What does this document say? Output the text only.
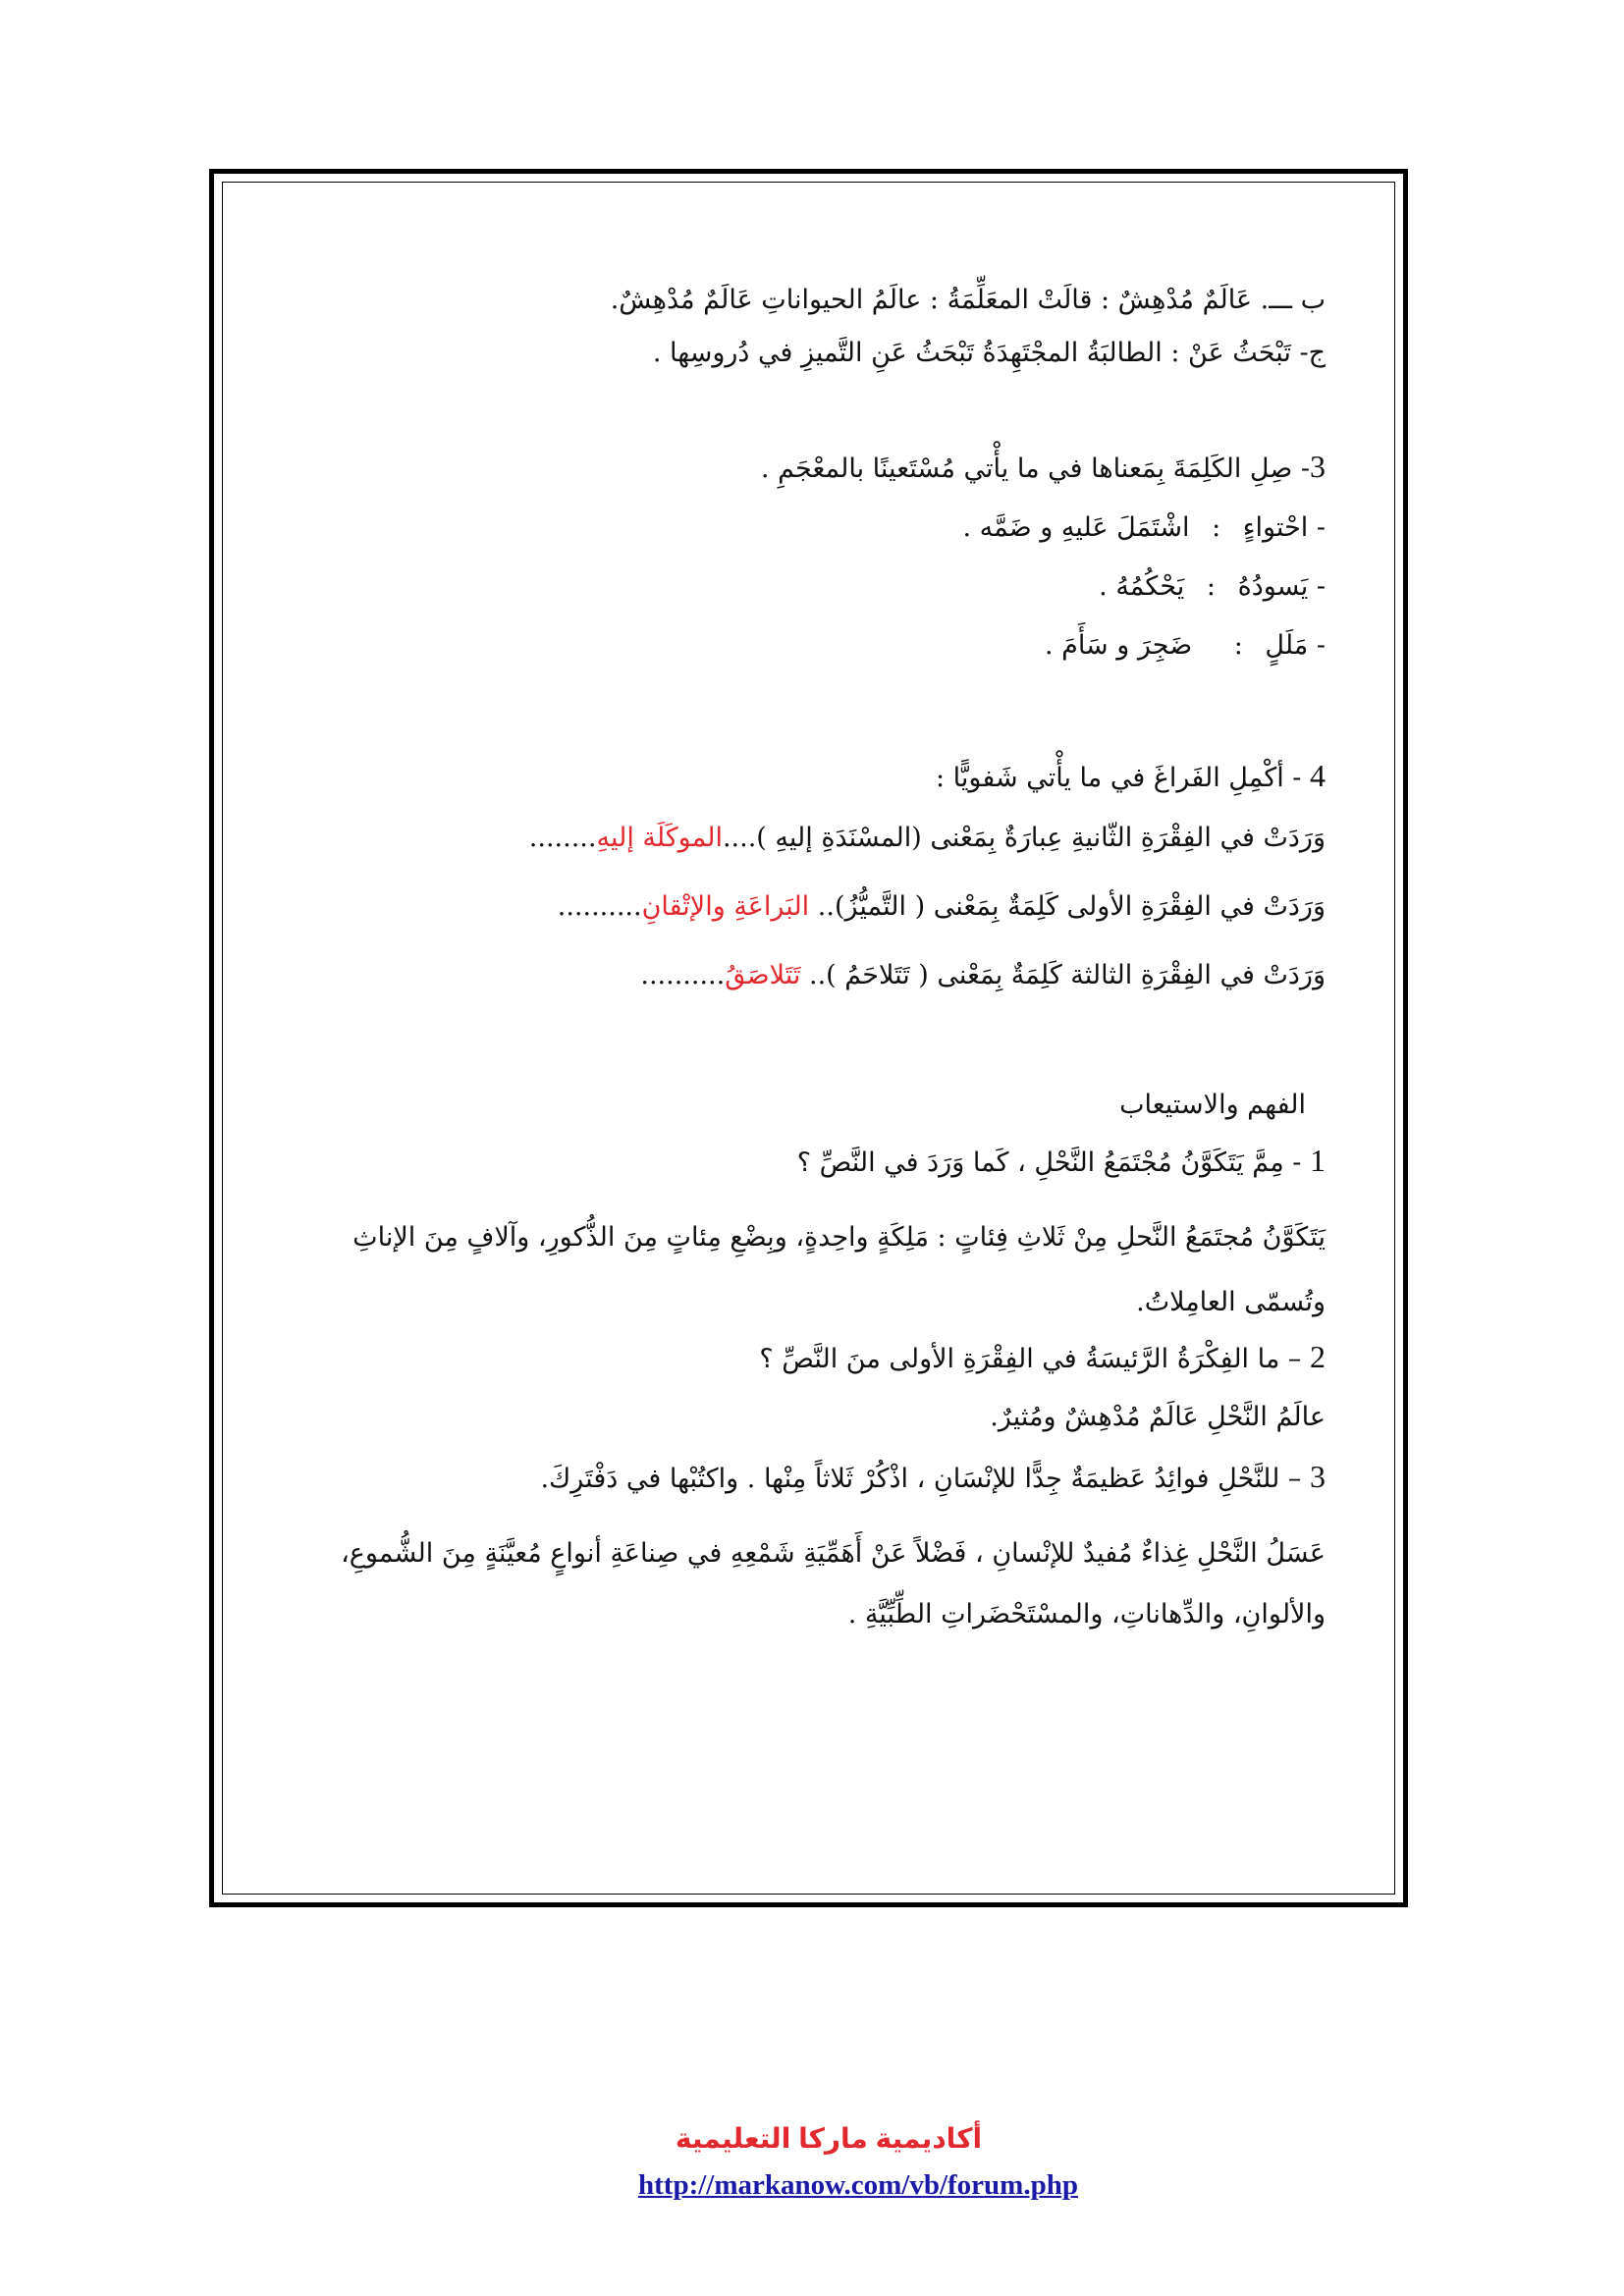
ب ـــ. عَالَمٌ مُدْهِشٌ : قالَتْ المعَلِّمَةُ : عالَمُ الحيواناتِ عَالَمٌ مُدْهِشٌ.
ج- تَبْحَثُ عَنْ : الطالبَةُ المجْتَهِدَةُ تَبْحَثُ عَنِ التَّميزِ في دُروسِها .
3- صِلِ الكَلِمَةَ بِمَعناها في ما يأْتي مُسْتَعينًا بالمعْجَمِ .
- احْتواءٍ : اشْتَمَلَ عَليهِ و ضَمَّه .
- يَسودُهُ : يَحْكُمُهُ .
- مَلَلٍ : ضَجِرَ و سَأَمَ .
4 - أكْمِلِ الفَراغَ في ما يأْتي شَفويًّا :
وَرَدَتْ في الفِقْرَةِ الثّانيةِ عِبارَةٌ بِمَعْنى (المسْنَدَةِ إليهِ )....الموكَلَة إليهِ........
وَرَدَتْ في الفِقْرَةِ الأولى كَلِمَةٌ بِمَعْنى ( التَّميُّزُ).. البَراعَةِ والإتْقانِ..........
وَرَدَتْ في الفِقْرَةِ الثالثة كَلِمَةٌ بِمَعْنى ( تَتَلاحَمُ ).. تَتَلاصَقُ..........
الفهم والاستيعاب
1 - مِمَّ يَتَكَوَّنُ مُجْتَمَعُ النَّحْلِ ، كَما وَرَدَ في النَّصِّ ؟
يَتَكَوَّنُ مُجتَمَعُ النَّحلِ مِنْ ثَلاثِ فِئاتٍ : مَلِكَةٍ واحِدةٍ، وبِضْعِ مِئاتٍ مِنَ الذُّكورِ، وآلافٍ مِنَ الإناثِ وتُسمّى العامِلاتُ.
2 – ما الفِكْرَةُ الرَّئيسَةُ في الفِقْرَةِ الأولى منَ النَّصِّ ؟
عالَمُ النَّحْلِ عَالَمٌ مُدْهِشٌ ومُثيرٌ.
3 – للنَّحْلِ فوائِدُ عَظيمَةٌ جِدًّا للإنْسَانِ ، اذْكُرْ ثَلاثاً مِنْها . واكتُبْها في دَفْتَرِكَ.
عَسَلُ النَّحْلِ غِذاءٌ مُفيدٌ للإنْسانِ ، فَضْلاً عَنْ أَهَمِّيَةِ شَمْعِهِ في صِناعَةِ أنواعٍ مُعيَّنَةٍ مِنَ الشُّموعِ، والألوانِ، والدِّهاناتِ، والمسْتَحْضَراتِ الطِّبِّيَّةِ .
أكاديمية ماركا التعليمية
http://markanow.com/vb/forum.php
